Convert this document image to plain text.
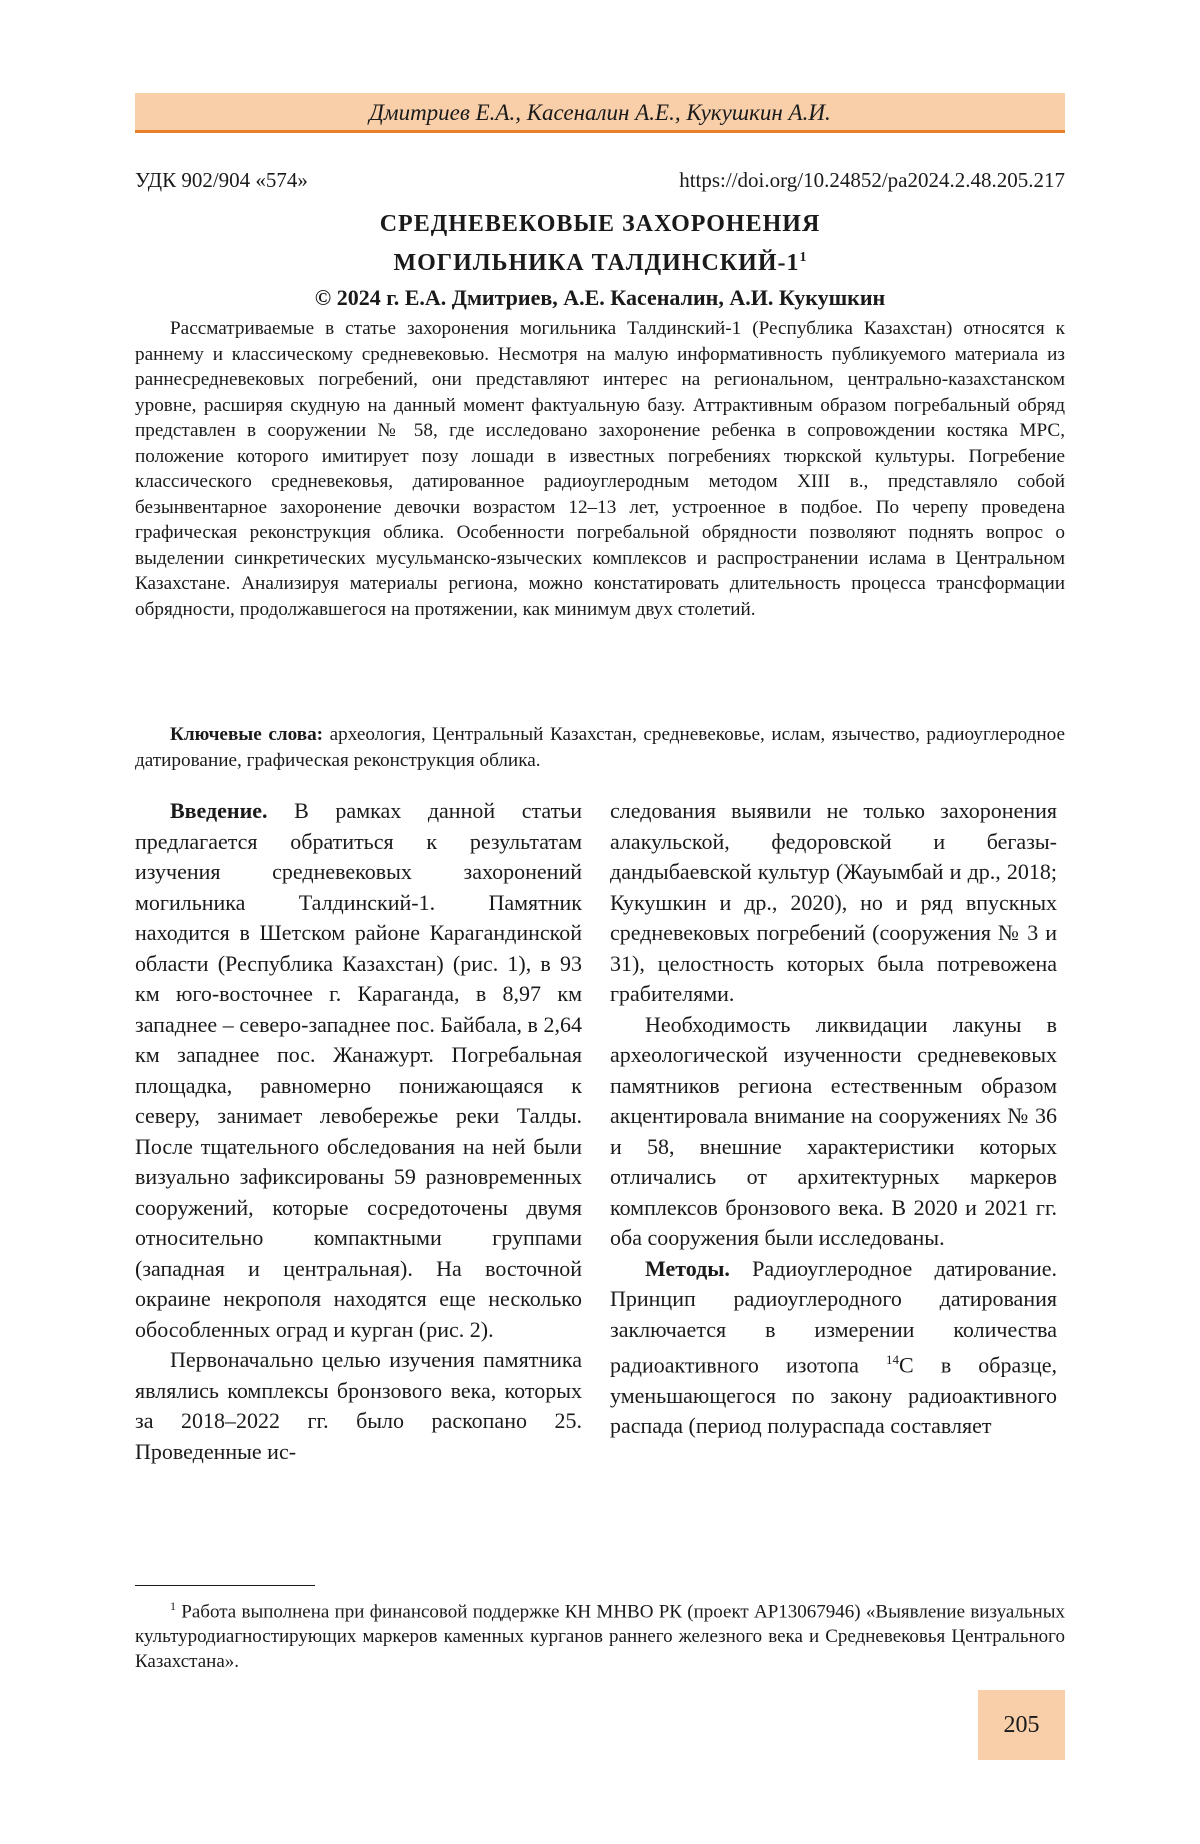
Дмитриев Е.А., Касеналин А.Е., Кукушкин А.И.
УДК 902/904 «574»	https://doi.org/10.24852/pa2024.2.48.205.217
СРЕДНЕВЕКОВЫЕ ЗАХОРОНЕНИЯ
МОГИЛЬНИКА ТАЛДИНСКИЙ-$1^1$
© 2024 г. Е.А. Дмитриев, А.Е. Касеналин, А.И. Кукушкин

Рассматриваемые в статье захоронения могильника Талдинский-1 (Республика Казахстан) относятся к раннему и классическому средневековью. Несмотря на малую информативность публикуемого материала из раннесредневековых погребений, они представляют интерес на региональном, центрально-казахстанском уровне, расширяя скудную на данный момент фактуальную базу. Аттрактивным образом погребальный обряд представлен в сооружении № 58, где исследовано захоронение ребенка в сопровождении костяка МРС, положение которого имитирует позу лошади в известных погребениях тюркской культуры. Погребение классического средневековья, датированное радиоуглеродным методом XIII в., представляло собой безынвентарное захоронение девочки возрастом 12–13 лет, устроенное в подбое. По черепу проведена графическая реконструкция облика. Особенности погребальной обрядности позволяют поднять вопрос о выделении синкретических мусульманско-языческих комплексов и распространении ислама в Центральном Казахстане. Анализируя материалы региона, можно констатировать длительность процесса трансформации обрядности, продолжавшегося на протяжении, как минимум двух столетий.

Ключевые слова: археология, Центральный Казахстан, средневековье, ислам, язычество, радиоуглеродное датирование, графическая реконструкция облика.

Введение. В рамках данной статьи предлагается обратиться к результатам изучения средневековых захоронений могильника Талдинский-1. Памятник находится в Шетском районе Карагандинской области (Республика Казахстан) (рис. 1), в 93 км юго-восточнее г. Караганда, в 8,97 км западнее – северо-западнее пос. Байбала, в 2,64 км западнее пос. Жанажурт. Погребальная площадка, равномерно понижающаяся к северу, занимает левобережье реки Талды. После тщательного обследования на ней были визуально зафиксированы 59 разновременных сооружений, которые сосредоточены двумя относительно компактными группами (западная и центральная). На восточной окраине некрополя находятся еще несколько обособленных оград и курган (рис. 2).

Первоначально целью изучения памятника являлись комплексы бронзового века, которых за 2018–2022 гг. было раскопано 25. Проведенные ис-

следования выявили не только захоронения алакульской, федоровской и бегазы-дандыбаевской культур (Жауымбай и др., 2018; Кукушкин и др., 2020), но и ряд впускных средневековых погребений (сооружения № 3 и 31), целостность которых была потревожена грабителями.

Необходимость ликвидации лакуны в археологической изученности средневековых памятников региона естественным образом акцентировала внимание на сооружениях № 36 и 58, внешние характеристики которых отличались от архитектурных маркеров комплексов бронзового века. В 2020 и 2021 гг. оба сооружения были исследованы.

Методы. Радиоуглеродное датирование. Принцип радиоуглеродного датирования заключается в измерении количества радиоактивного изотопа $^{14}$С в образце, уменьшающегося по закону радиоактивного распада (период полураспада составляет

$^1$ Работа выполнена при финансовой поддержке КН МНВО РК (проект АР13067946) «Выявление визуальных культуродиагностирующих маркеров каменных курганов раннего железного века и Средневековья Центрального Казахстана».

205
